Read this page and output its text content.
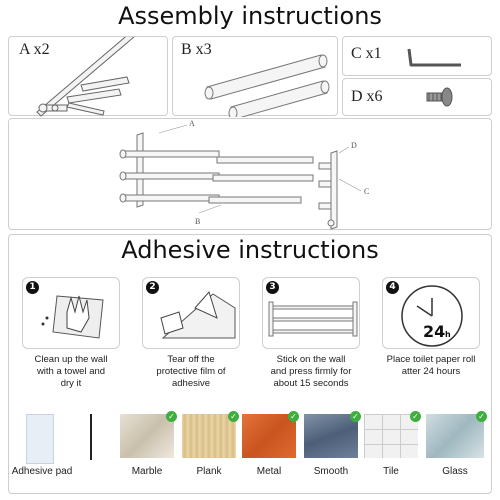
Assembly instructions
A x2	B x3	C x1
D x6
A
B
C
D
Adhesive instructions
1
Clean up the wall
with a towel and
dry it
2
Tear off the
protective film of
adhesive
3
Stick on the wall
and press firmly for
about 15 seconds
4
24 h
Place toilet paper roll
atter 24 hours
Adhesive pad
✓
Marble
✓
Plank
✓
Metal
✓
Smooth
✓
Tile
✓
Glass
